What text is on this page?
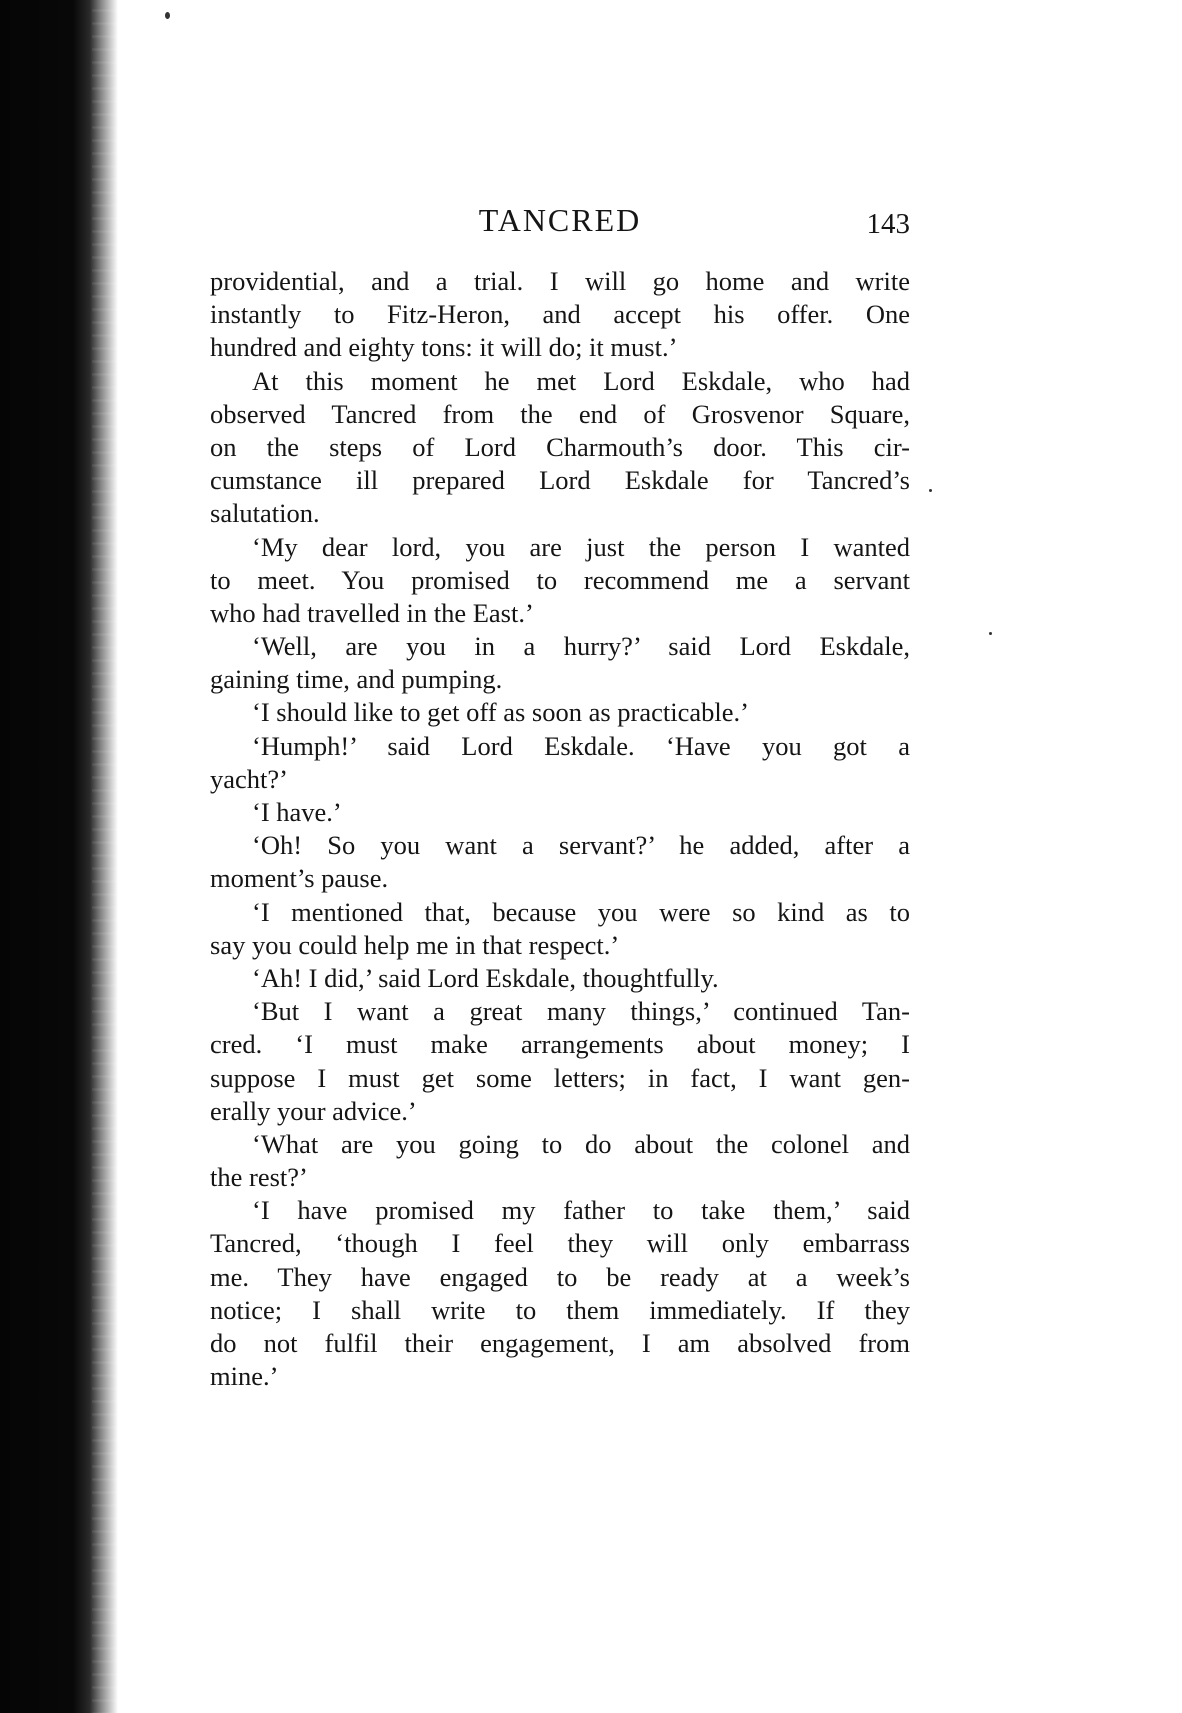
TANCRED	143
providential, and a trial. I will go home and write
instantly to Fitz-Heron, and accept his offer. One
hundred and eighty tons: it will do; it must.’
At this moment he met Lord Eskdale, who had
observed Tancred from the end of Grosvenor Square,
on the steps of Lord Charmouth’s door. This cir-
cumstance ill prepared Lord Eskdale for Tancred’s
salutation.
‘My dear lord, you are just the person I wanted
to meet. You promised to recommend me a servant
who had travelled in the East.’
‘Well, are you in a hurry?’ said Lord Eskdale,
gaining time, and pumping.
‘I should like to get off as soon as practicable.’
‘Humph!’ said Lord Eskdale. ‘Have you got a
yacht?’
‘I have.’
‘Oh! So you want a servant?’ he added, after a
moment’s pause.
‘I mentioned that, because you were so kind as to
say you could help me in that respect.’
‘Ah! I did,’ said Lord Eskdale, thoughtfully.
‘But I want a great many things,’ continued Tan-
cred. ‘I must make arrangements about money; I
suppose I must get some letters; in fact, I want gen-
erally your advice.’
‘What are you going to do about the colonel and
the rest?’
‘I have promised my father to take them,’ said
Tancred, ‘though I feel they will only embarrass
me. They have engaged to be ready at a week’s
notice; I shall write to them immediately. If they
do not fulfil their engagement, I am absolved from
mine.’
